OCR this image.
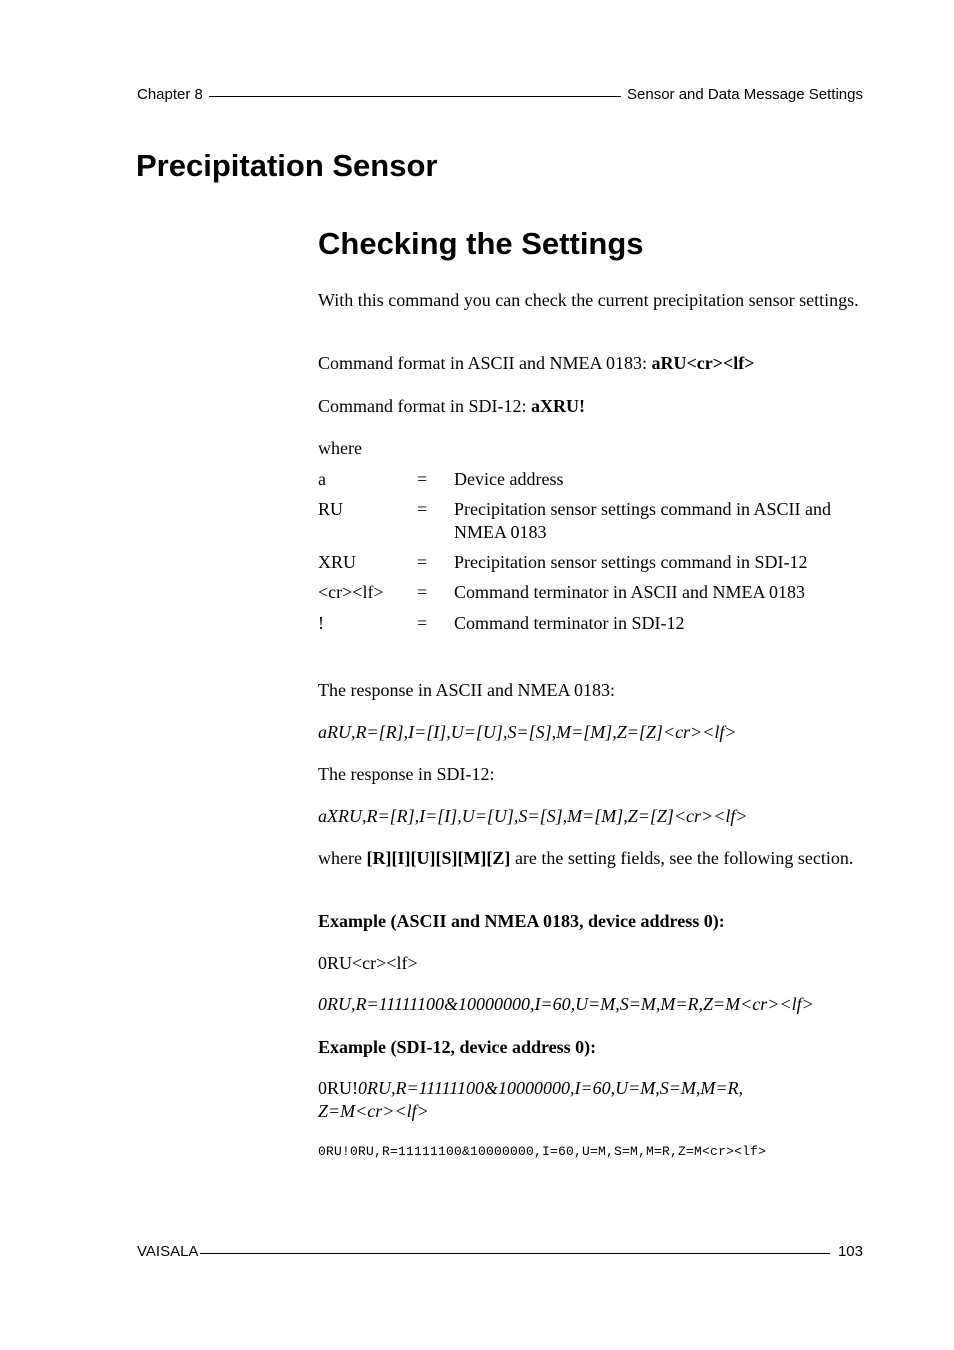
Chapter 8	Sensor and Data Message Settings
Precipitation Sensor
Checking the Settings

With this command you can check the current precipitation sensor settings.

Command format in ASCII and NMEA 0183: aRU<cr><lf>

Command format in SDI-12: aXRU!

where

a	= Device address
RU	= Precipitation sensor settings command in ASCII and NMEA 0183
XRU	= Precipitation sensor settings command in SDI-12
<cr><lf> = Command terminator in ASCII and NMEA 0183
!	= Command terminator in SDI-12

The response in ASCII and NMEA 0183:

aRU,R=[R],I=[I],U=[U],S=[S],M=[M],Z=[Z]<cr><lf>

The response in SDI-12:

aXRU,R=[R],I=[I],U=[U],S=[S],M=[M],Z=[Z]<cr><lf>

where [R][I][U][S][M][Z] are the setting fields, see the following section.

Example (ASCII and NMEA 0183, device address 0):

0RU<cr><lf>

0RU,R=11111100&10000000,I=60,U=M,S=M,M=R,Z=M<cr><lf>

Example (SDI-12, device address 0):

0RU!0RU,R=11111100&10000000,I=60,U=M,S=M,M=R, Z=M<cr><lf>

0RU!0RU,R=11111100&10000000,I=60,U=M,S=M,M=R,Z=M<cr><lf>
VAISALA	103
